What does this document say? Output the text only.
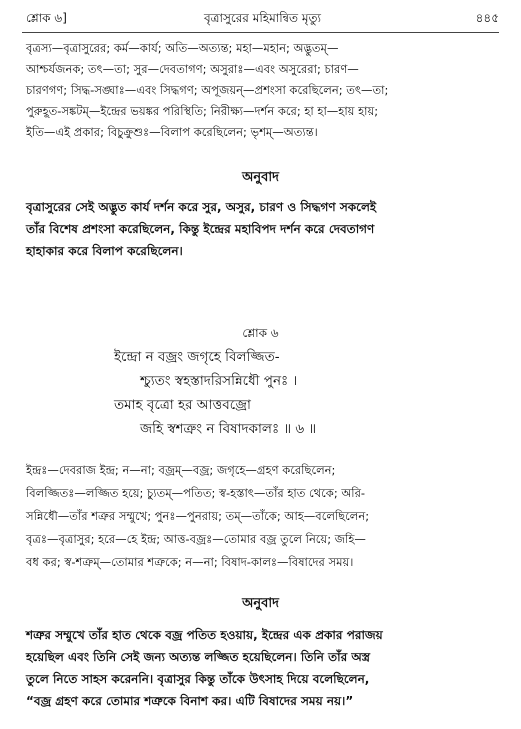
শ্লোক ৬]	বৃত্রাসুরের মহিমান্বিত মৃত্যু	৪৪৫

বৃত্রস্য—বৃত্রাসুরের; কর্ম—কার্য; অতি—অত্যন্ত; মহা—মহান; অদ্ভুতম্—

আশ্চর্যজনক; তৎ—তা; সুর—দেবতাগণ; অসুরাঃ—এবং অসুরেরা; চারণ—

চারণগণ; সিদ্ধ-সঙ্ঘাঃ—এবং সিদ্ধগণ; অপূজয়ন্—প্রশংসা করেছিলেন; তৎ—তা;

পুরুহূত-সঙ্কটম্—ইন্দ্রের ভয়ঙ্কর পরিস্থিতি; নিরীক্ষ্য—দর্শন করে; হা হা—হায় হায়;

ইতি—এই প্রকার; বিচুক্রুশুঃ—বিলাপ করেছিলেন; ভৃশম্—অত্যন্ত।

অনুবাদ

বৃত্রাসুরের সেই অদ্ভুত কার্য দর্শন করে সুর, অসুর, চারণ ও সিদ্ধগণ সকলেই

তাঁর বিশেষ প্রশংসা করেছিলেন, কিন্তু ইন্দ্রের মহাবিপদ দর্শন করে দেবতাগণ

হাহাকার করে বিলাপ করেছিলেন।

শ্লোক ৬

ইন্দ্রো ন বজ্রং জগৃহে বিলজ্জিত-

শ্চ্যুতং স্বহস্তাদরিসন্নিধৌ পুনঃ ।

তমাহ বৃত্রো হর আত্তবজ্রো

জহি স্বশত্রুং ন বিষাদকালঃ ॥ ৬ ॥

ইন্দ্রঃ—দেবরাজ ইন্দ্র; ন—না; বজ্রম্—বজ্র; জগৃহে—গ্রহণ করেছিলেন;

বিলজ্জিতঃ—লজ্জিত হয়ে; চ্যুতম্—পতিত; স্ব-হস্তাৎ—তাঁর হাত থেকে; অরি-

সন্নিধৌ—তাঁর শত্রুর সম্মুখে; পুনঃ—পুনরায়; তম্—তাঁকে; আহ—বলেছিলেন;

বৃত্রঃ—বৃত্রাসুর; হরে—হে ইন্দ্র; আত্ত-বজ্রঃ—তোমার বজ্র তুলে নিয়ে; জহি—

বধ কর; স্ব-শত্রুম্—তোমার শত্রুকে; ন—না; বিষাদ-কালঃ—বিষাদের সময়।

অনুবাদ

শত্রুর সম্মুখে তাঁর হাত থেকে বজ্র পতিত হওয়ায়, ইন্দ্রের এক প্রকার পরাজয়

হয়েছিল এবং তিনি সেই জন্য অত্যন্ত লজ্জিত হয়েছিলেন। তিনি তাঁর অস্ত্র

তুলে নিতে সাহস করেননি। বৃত্রাসুর কিন্তু তাঁকে উৎসাহ দিয়ে বলেছিলেন,

“বজ্র গ্রহণ করে তোমার শত্রুকে বিনাশ কর। এটি বিষাদের সময় নয়।”
